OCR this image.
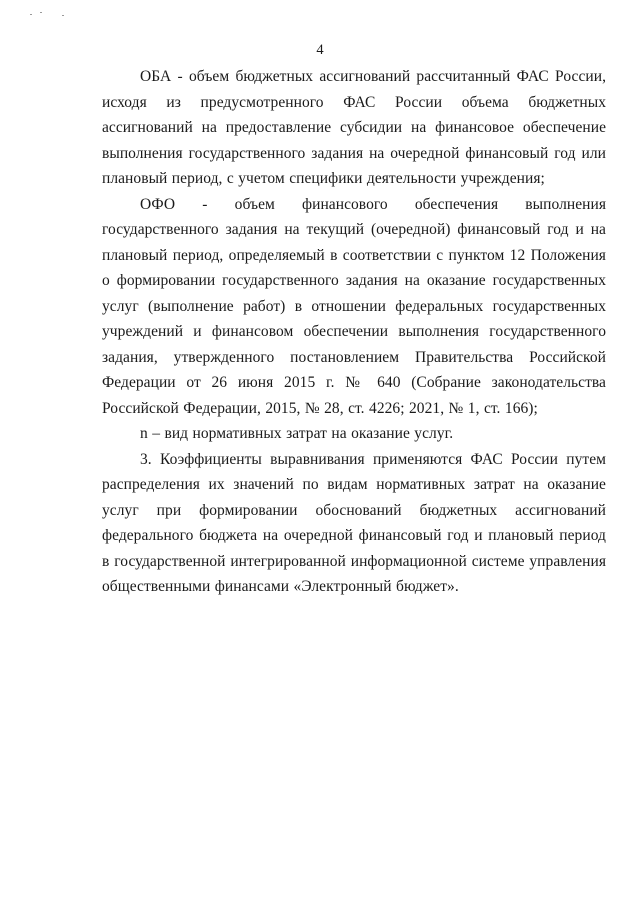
4

ОБА - объем бюджетных ассигнований рассчитанный ФАС России, исходя из предусмотренного ФАС России объема бюджетных ассигнований на предоставление субсидии на финансовое обеспечение выполнения государственного задания на очередной финансовый год или плановый период, с учетом специфики деятельности учреждения;

ОФО - объем финансового обеспечения выполнения государственного задания на текущий (очередной) финансовый год и на плановый период, определяемый в соответствии с пунктом 12 Положения о формировании государственного задания на оказание государственных услуг (выполнение работ) в отношении федеральных государственных учреждений и финансовом обеспечении выполнения государственного задания, утвержденного постановлением Правительства Российской Федерации от 26 июня 2015 г. № 640 (Собрание законодательства Российской Федерации, 2015, № 28, ст. 4226; 2021, № 1, ст. 166);

n – вид нормативных затрат на оказание услуг.

3. Коэффициенты выравнивания применяются ФАС России путем распределения их значений по видам нормативных затрат на оказание услуг при формировании обоснований бюджетных ассигнований федерального бюджета на очередной финансовый год и плановый период в государственной интегрированной информационной системе управления общественными финансами «Электронный бюджет».
